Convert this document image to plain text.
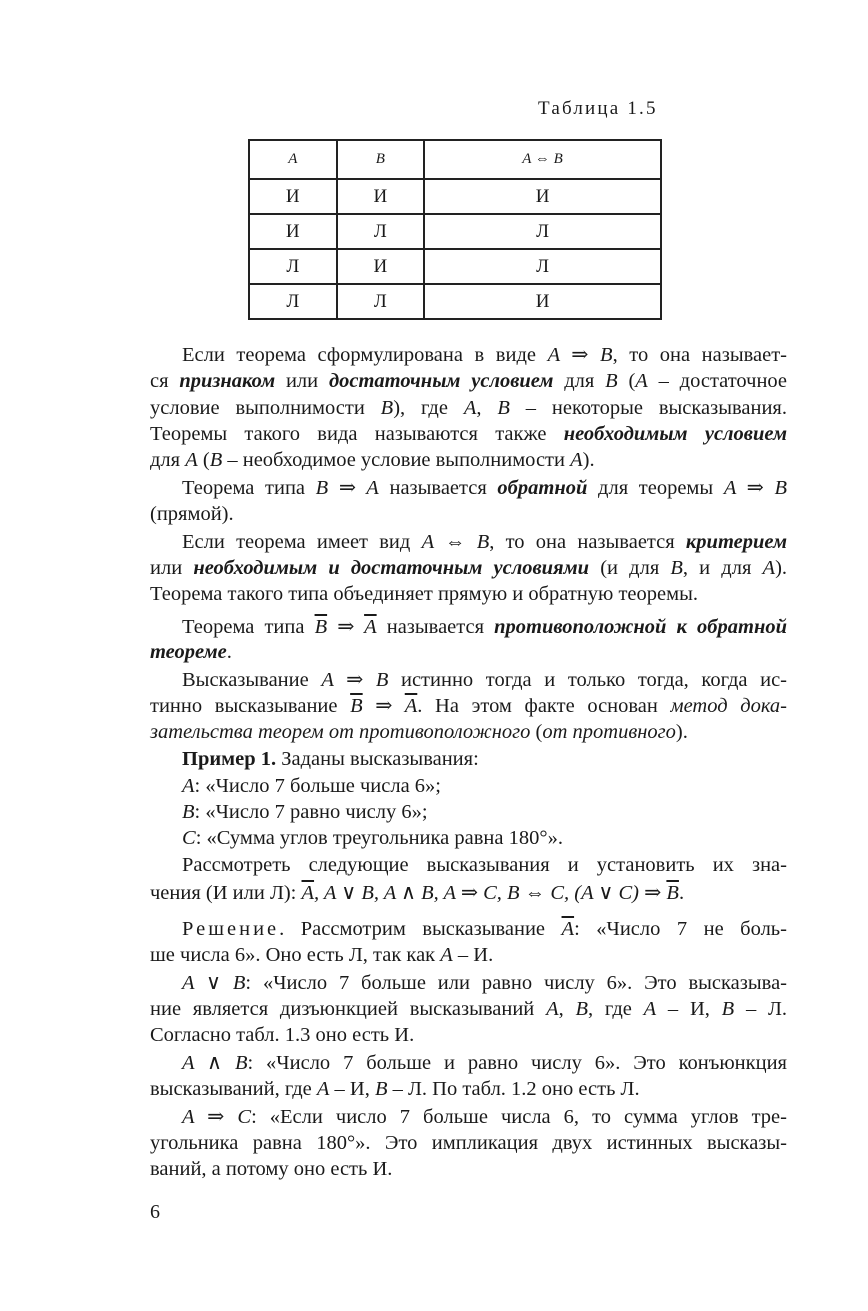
Таблица 1.5
A	B	A ⇔ B
И	И	И
И	Л	Л
Л	И	Л
Л	Л	И
Если теорема сформулирована в виде A ⇒ B, то она называет-
ся признаком или достаточным условием для B (A – достаточное
условие выполнимости B), где A, B – некоторые высказывания.
Теоремы такого вида называются также необходимым условием
для A (B – необходимое условие выполнимости A).
Теорема типа B ⇒ A называется обратной для теоремы A ⇒ B
(прямой).
Если теорема имеет вид A ⇔ B, то она называется критерием
или необходимым и достаточным условиями (и для B, и для A).
Теорема такого типа объединяет прямую и обратную теоремы.
Теорема типа $\overline{B}$ ⇒ $\overline{A}$ называется противоположной к обратной
теореме.
Высказывание A ⇒ B истинно тогда и только тогда, когда ис-
тинно высказывание $\overline{B}$ ⇒ $\overline{A}$. На этом факте основан метод дока-
зательства теорем от противоположного (от противного).
Пример 1. Заданы высказывания:
A: «Число 7 больше числа 6»;
B: «Число 7 равно числу 6»;
C: «Сумма углов треугольника равна 180°».
Рассмотреть следующие высказывания и установить их зна-
чения (И или Л): $\overline{A}$, A ∨ B, A ∧ B, A ⇒ C, B ⇔ C, (A ∨ C) ⇒ $\overline{B}$.
Решение. Рассмотрим высказывание $\overline{A}$: «Число 7 не боль-
ше числа 6». Оно есть Л, так как A – И.
A ∨ B: «Число 7 больше или равно числу 6». Это высказыва-
ние является дизъюнкцией высказываний A, B, где A – И, B – Л.
Согласно табл. 1.3 оно есть И.
A ∧ B: «Число 7 больше и равно числу 6». Это конъюнкция
высказываний, где A – И, B – Л. По табл. 1.2 оно есть Л.
A ⇒ C: «Если число 7 больше числа 6, то сумма углов тре-
угольника равна 180°». Это импликация двух истинных высказы-
ваний, а потому оно есть И.
6
